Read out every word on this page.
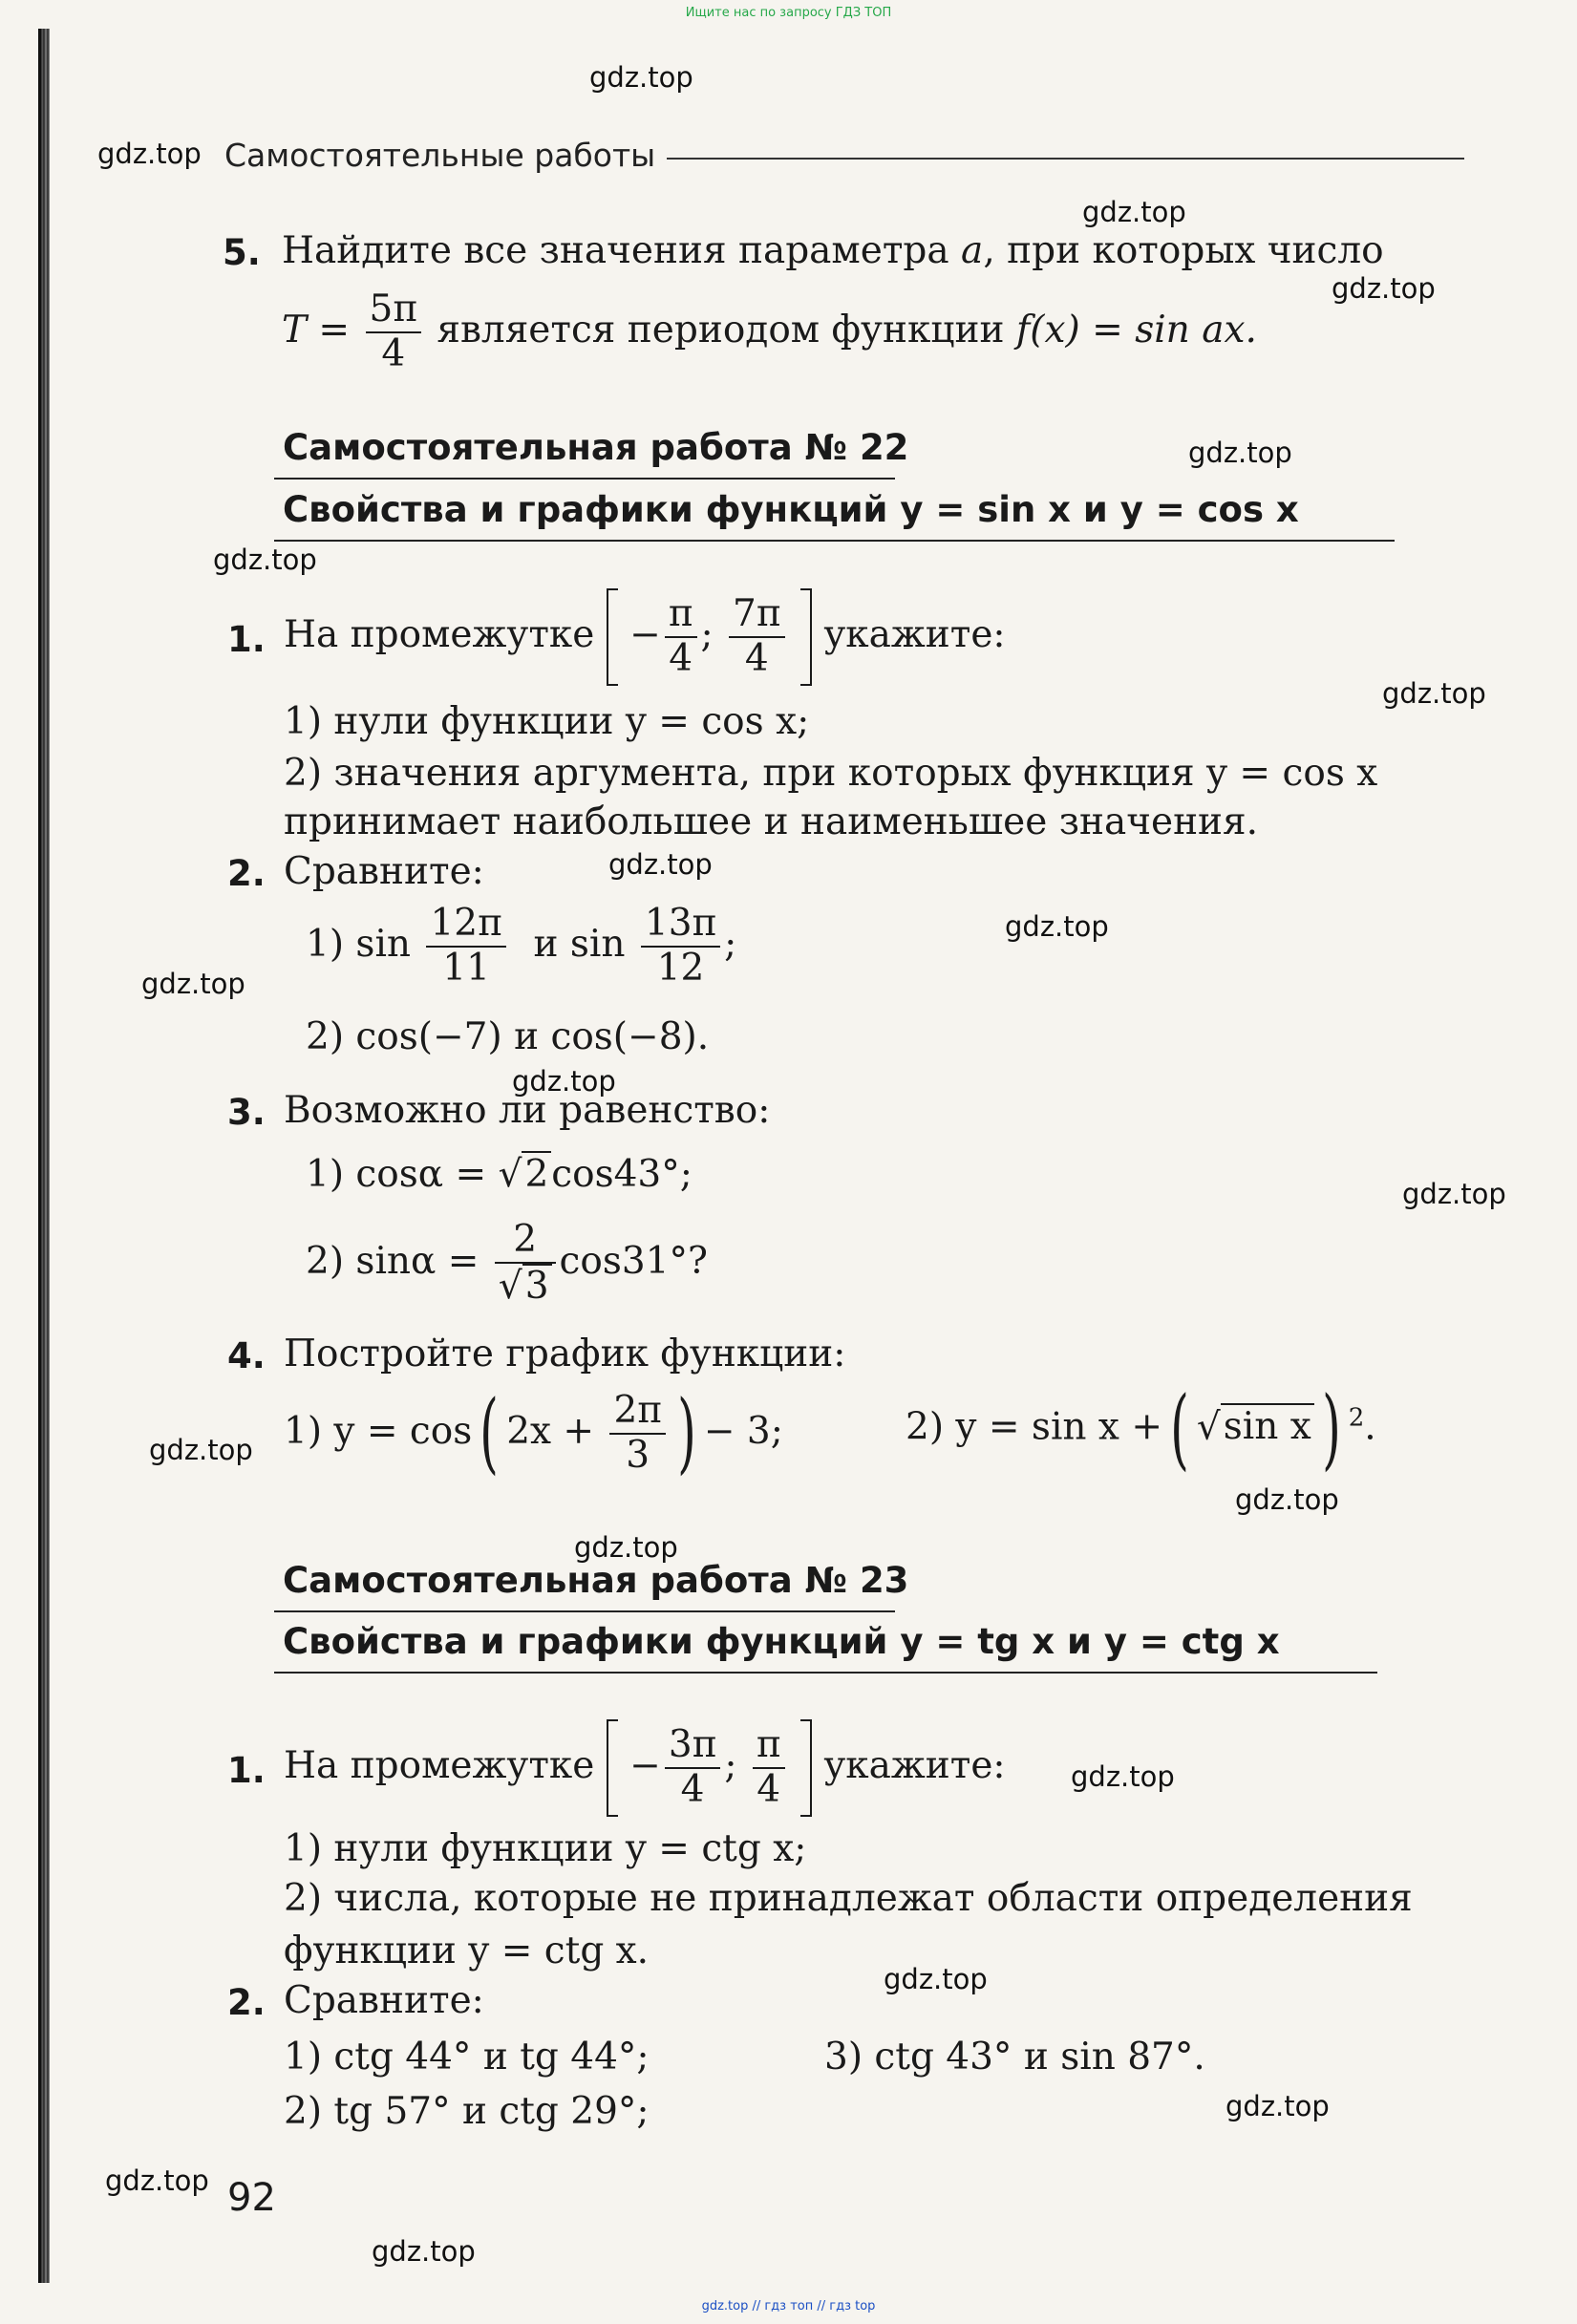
Ищите нас по запросу ГДЗ ТОП
gdz.top
gdz.top
gdz.top
gdz.top
gdz.top
gdz.top
gdz.top
gdz.top
gdz.top
gdz.top
gdz.top
gdz.top
gdz.top
gdz.top
gdz.top
gdz.top
gdz.top
gdz.top
gdz.top
gdz.top
Самостоятельные работы
5. Найдите все значения параметра a, при которых число
$T = \frac{5\pi}{4}$ является периодом функции f(x) = sin ax.
Самостоятельная работа № 22
Свойства и графики функций y = sin x и y = cos x
1. На промежутке  − $\frac{\pi}{4}$ ; $\frac{7\pi}{4}$ укажите:
1) нули функции y = cos x;
2) значения аргумента, при которых функция y = cos x
принимает наибольшее и наименьшее значения.
2. Сравните:
1) $\sin \frac{12\pi}{11}$ и $\sin \frac{13\pi}{12}$ ;
2) cos(−7) и cos(−8).
3. Возможно ли равенство:
1) cosα = √2cos43°;
2) $\sin\alpha = \frac{2}{√3} \cos 31^\circ$?
4. Постройте график функции:
1) y = cos( $2x + \frac{2\pi}{3}$ ) − 3;	2) y = sin x +( √sin x ) $^2$.
Самостоятельная работа № 23
Свойства и графики функций y = tg x и y = ctg x
1. На промежутке  − $\frac{3\pi}{4}$ ; $\frac{\pi}{4}$ укажите:
1) нули функции y = ctg x;
2) числа, которые не принадлежат области определения
функции y = ctg x.
2. Сравните:
1) ctg 44° и tg 44°;	3) ctg 43° и sin 87°.
2) tg 57° и ctg 29°;
92
gdz.top // гдз топ // гдз top
